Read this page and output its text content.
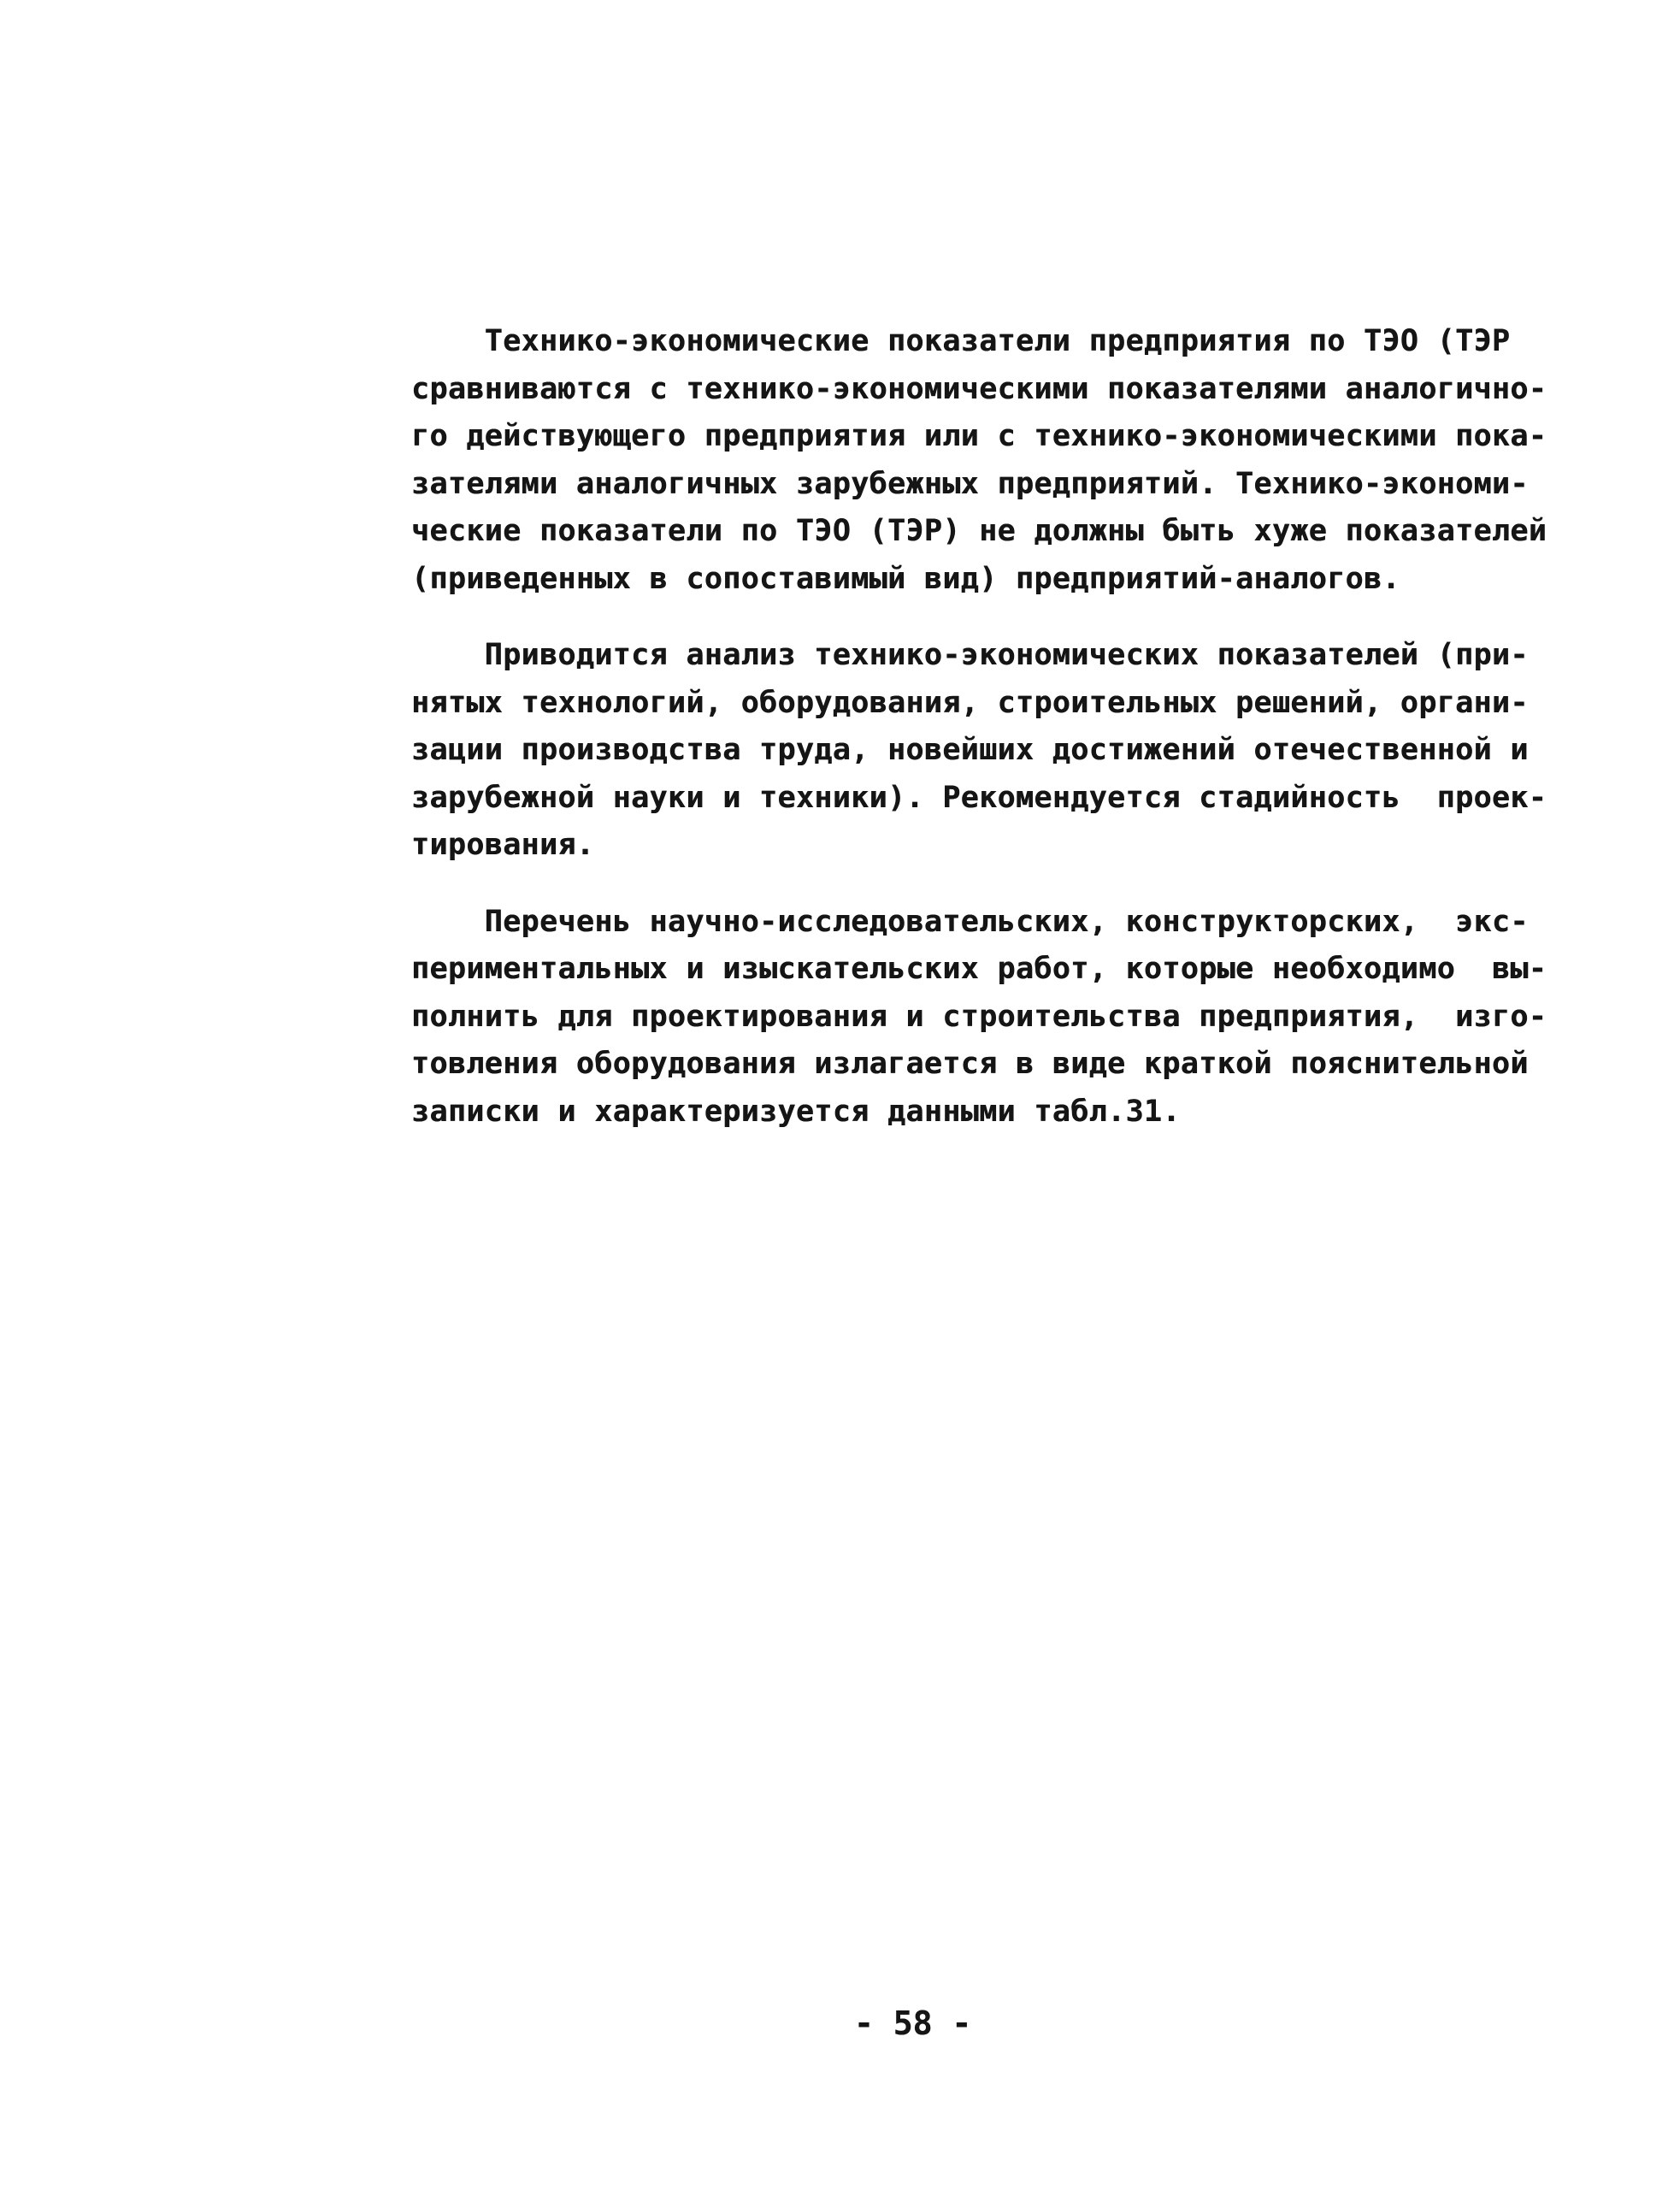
Технико-экономические показатели предприятия по ТЭО (ТЭР
сравниваются с технико-экономическими показателями аналогично-
го действующего предприятия или с технико-экономическими пока-
зателями аналогичных зарубежных предприятий. Технико-экономи-
ческие показатели по ТЭО (ТЭР) не должны быть хуже показателей
(приведенных в сопоставимый вид) предприятий-аналогов.
Приводится анализ технико-экономических показателей (при-
нятых технологий, оборудования, строительных решений, органи-
зации производства труда, новейших достижений отечественной и
зарубежной науки и техники). Рекомендуется стадийность  проек-
тирования.
Перечень научно-исследовательских, конструкторских,  экс-
периментальных и изыскательских работ, которые необходимо  вы-
полнить для проектирования и строительства предприятия,  изго-
товления оборудования излагается в виде краткой пояснительной
записки и характеризуется данными табл.31.
- 58 -
